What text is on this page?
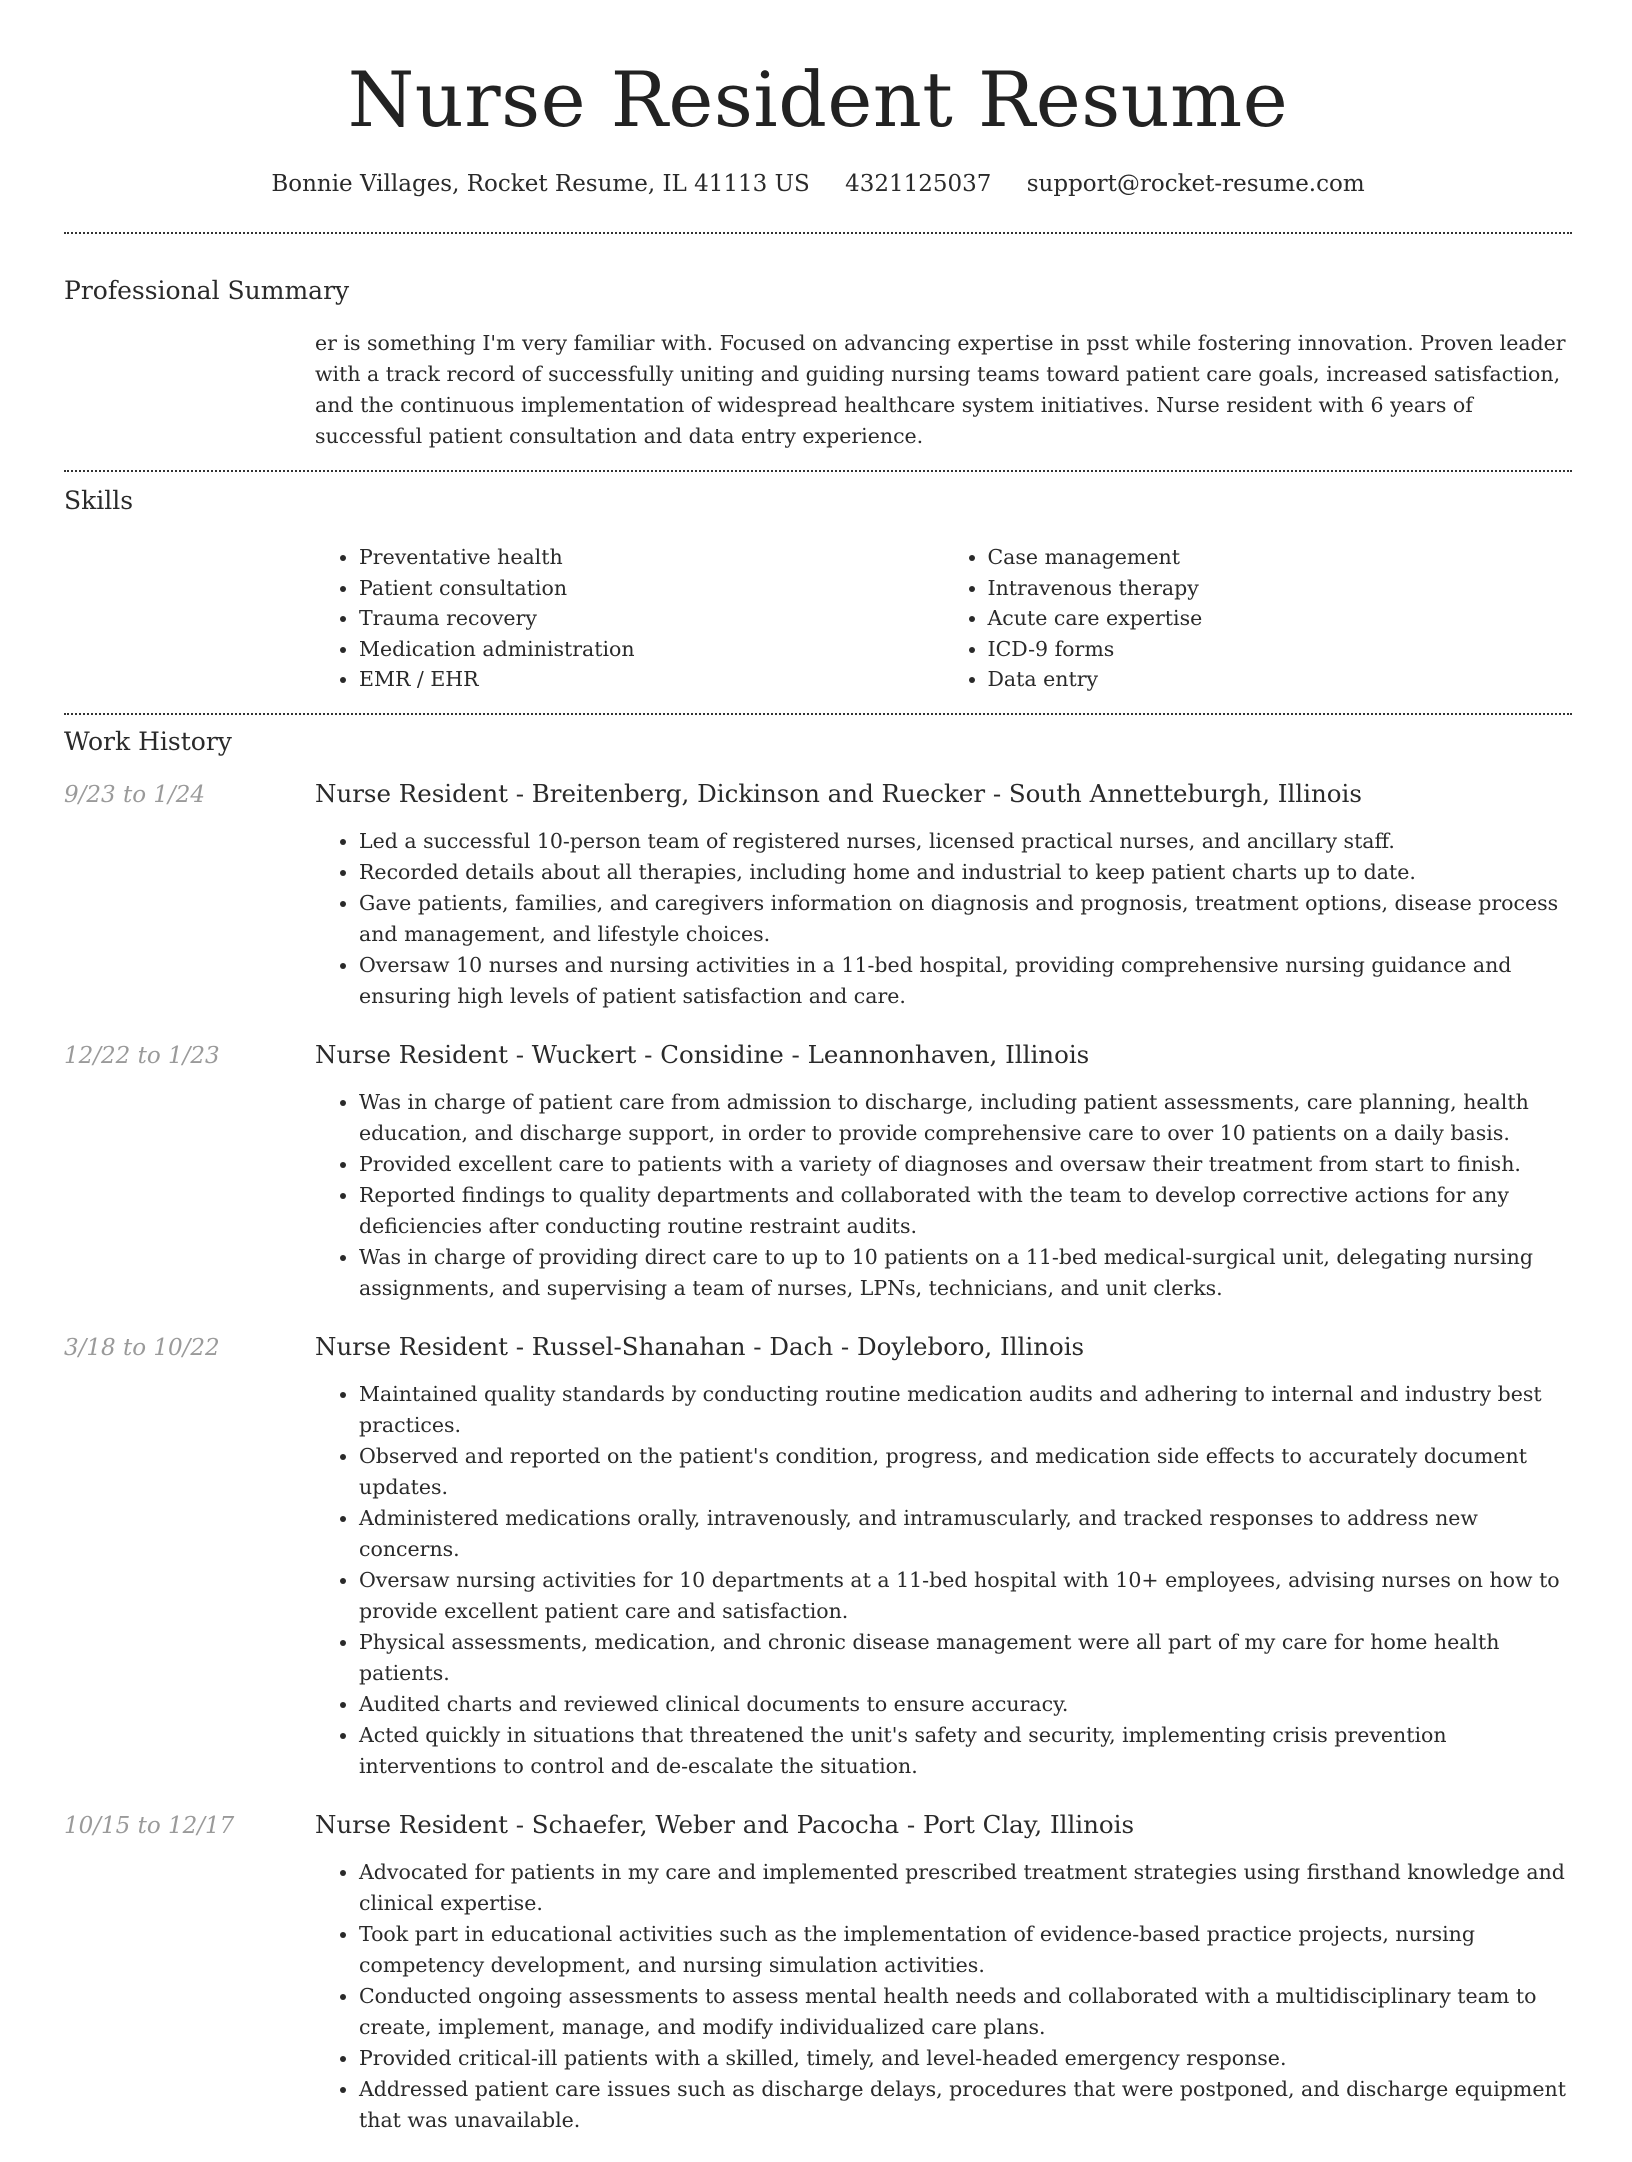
Nurse Resident Resume
Bonnie Villages, Rocket Resume, IL 41113 US 4321125037 support@rocket-resume.com
Professional Summary
er is something I'm very familiar with. Focused on advancing expertise in psst while fostering innovation. Proven leader with a track record of successfully uniting and guiding nursing teams toward patient care goals, increased satisfaction, and the continuous implementation of widespread healthcare system initiatives. Nurse resident with 6 years of successful patient consultation and data entry experience.
Skills
• Preventative health
• Patient consultation
• Trauma recovery
• Medication administration
• EMR / EHR
• Case management
• Intravenous therapy
• Acute care expertise
• ICD-9 forms
• Data entry
Work History
9/23 to 1/24	Nurse Resident - Breitenberg, Dickinson and Ruecker - South Annetteburgh, Illinois
• Led a successful 10-person team of registered nurses, licensed practical nurses, and ancillary staff.
• Recorded details about all therapies, including home and industrial to keep patient charts up to date.
• Gave patients, families, and caregivers information on diagnosis and prognosis, treatment options, disease process and management, and lifestyle choices.
• Oversaw 10 nurses and nursing activities in a 11-bed hospital, providing comprehensive nursing guidance and ensuring high levels of patient satisfaction and care.
12/22 to 1/23	Nurse Resident - Wuckert - Considine - Leannonhaven, Illinois
• Was in charge of patient care from admission to discharge, including patient assessments, care planning, health education, and discharge support, in order to provide comprehensive care to over 10 patients on a daily basis.
• Provided excellent care to patients with a variety of diagnoses and oversaw their treatment from start to finish.
• Reported findings to quality departments and collaborated with the team to develop corrective actions for any deficiencies after conducting routine restraint audits.
• Was in charge of providing direct care to up to 10 patients on a 11-bed medical-surgical unit, delegating nursing assignments, and supervising a team of nurses, LPNs, technicians, and unit clerks.
3/18 to 10/22	Nurse Resident - Russel-Shanahan - Dach - Doyleboro, Illinois
• Maintained quality standards by conducting routine medication audits and adhering to internal and industry best practices.
• Observed and reported on the patient's condition, progress, and medication side effects to accurately document updates.
• Administered medications orally, intravenously, and intramuscularly, and tracked responses to address new concerns.
• Oversaw nursing activities for 10 departments at a 11-bed hospital with 10+ employees, advising nurses on how to provide excellent patient care and satisfaction.
• Physical assessments, medication, and chronic disease management were all part of my care for home health patients.
• Audited charts and reviewed clinical documents to ensure accuracy.
• Acted quickly in situations that threatened the unit's safety and security, implementing crisis prevention interventions to control and de-escalate the situation.
10/15 to 12/17	Nurse Resident - Schaefer, Weber and Pacocha - Port Clay, Illinois
• Advocated for patients in my care and implemented prescribed treatment strategies using firsthand knowledge and clinical expertise.
• Took part in educational activities such as the implementation of evidence-based practice projects, nursing competency development, and nursing simulation activities.
• Conducted ongoing assessments to assess mental health needs and collaborated with a multidisciplinary team to create, implement, manage, and modify individualized care plans.
• Provided critical-ill patients with a skilled, timely, and level-headed emergency response.
• Addressed patient care issues such as discharge delays, procedures that were postponed, and discharge equipment that was unavailable.
